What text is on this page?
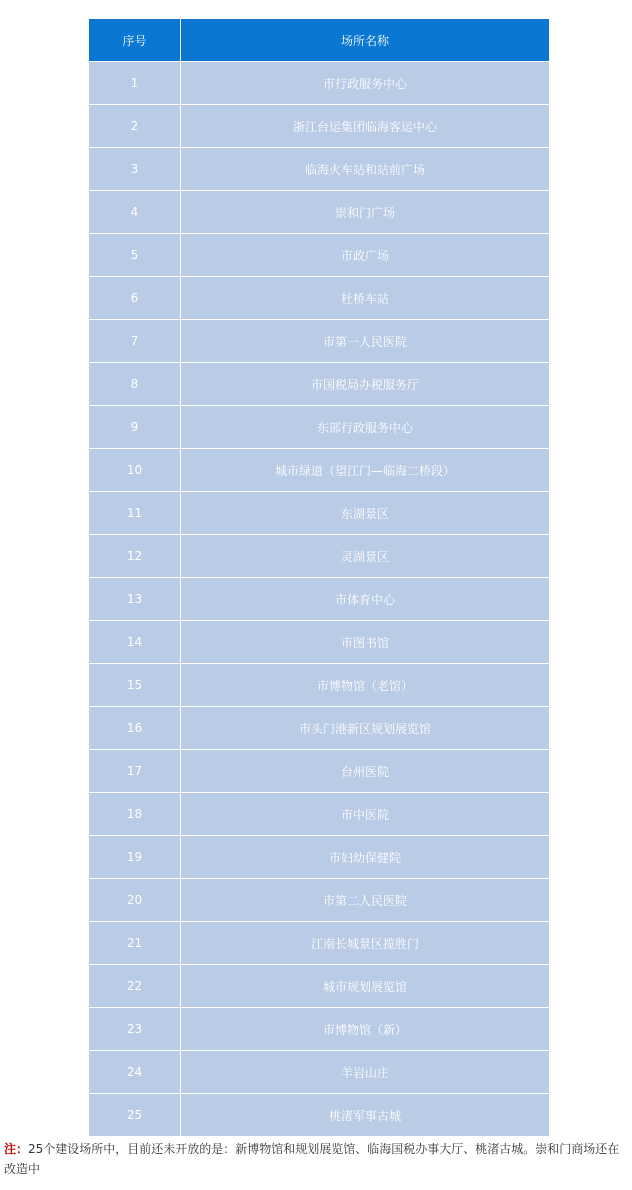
序号	场所名称
1	市行政服务中心
2	浙江台运集团临海客运中心
3	临海火车站和站前广场
4	崇和门广场
5	市政广场
6	杜桥车站
7	市第一人民医院
8	市国税局办税服务厅
9	东部行政服务中心
10	城市绿道（望江门—临海二桥段）
11	东湖景区
12	灵湖景区
13	市体育中心
14	市图书馆
15	市博物馆（老馆）
16	市头门港新区规划展览馆
17	台州医院
18	市中医院
19	市妇幼保健院
20	市第二人民医院
21	江南长城景区揽胜门
22	城市规划展览馆
23	市博物馆（新）
24	羊岩山庄
25	桃渚军事古城
注：25个建设场所中，目前还未开放的是：新博物馆和规划展览馆、临海国税办事大厅、桃渚古城。崇和门商场还在改造中
